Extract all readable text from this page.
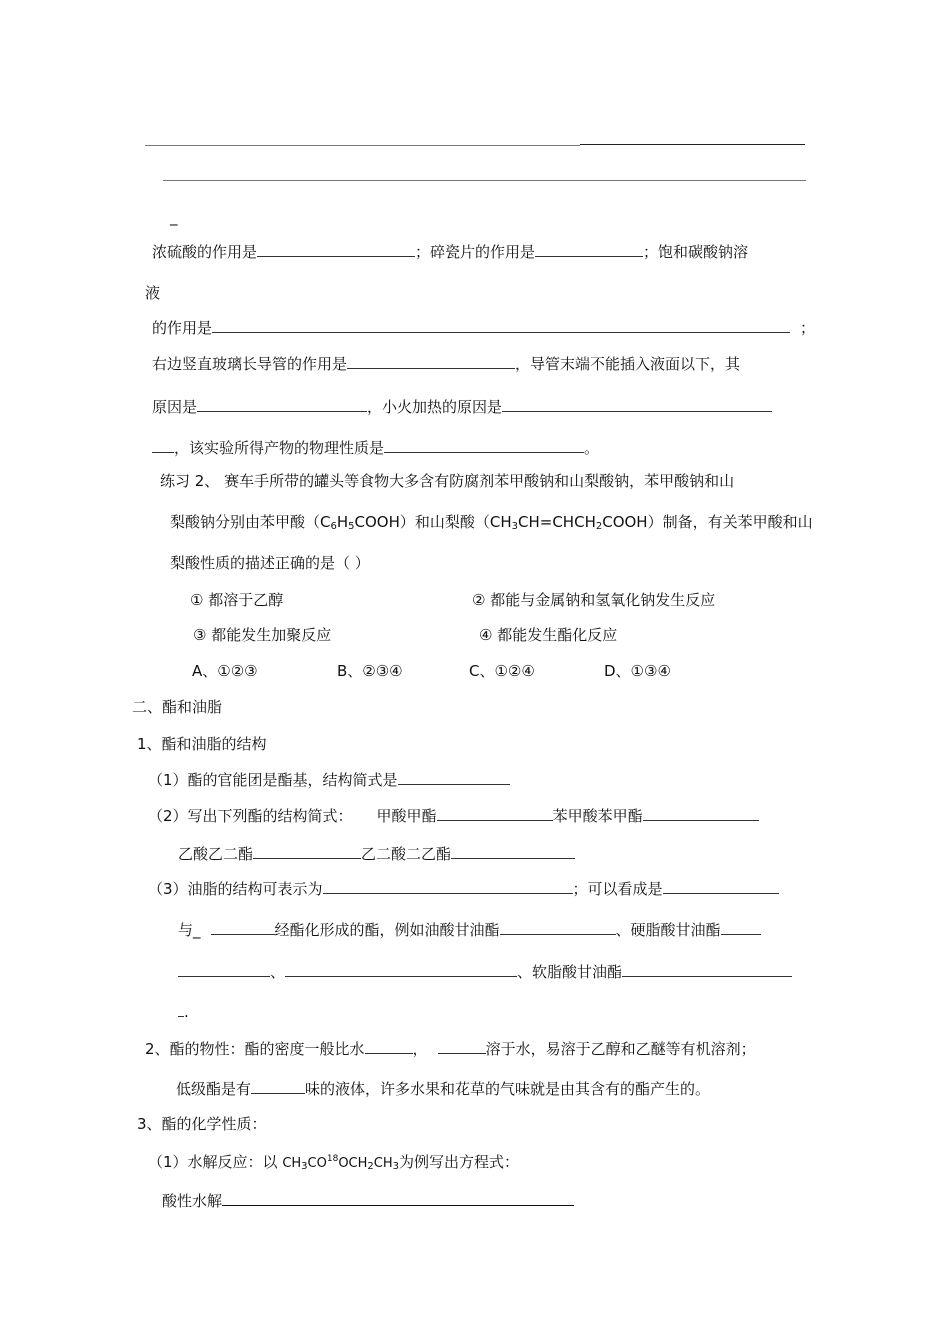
_
浓硫酸的作用是	；碎瓷片的作用是	；饱和碳酸钠溶
液
的作用是	；
右边竖直玻璃长导管的作用是	，导管末端不能插入液面以下，其
原因是	，小火加热的原因是
，该实验所得产物的物理性质是	。
练习 2、 赛车手所带的罐头等食物大多含有防腐剂苯甲酸钠和山梨酸钠，苯甲酸钠和山
梨酸钠分别由苯甲酸$(C_6H_5COOH)$和山梨酸$(CH_3CH=CHCH_2COOH)$制备，有关苯甲酸和山
梨酸性质的描述正确的是（ ）
① 都溶于乙醇	② 都能与金属钠和氢氧化钠发生反应
③ 都能发生加聚反应	④ 都能发生酯化反应
A、①②③	B、②③④	C、①②④	D、①③④
二、酯和油脂
1、酯和油脂的结构
（1）酯的官能团是酯基，结构简式是
（2）写出下列酯的结构简式： 甲酸甲酯	苯甲酸苯甲酯
乙酸乙二酯	乙二酸二乙酯
（3）油脂的结构可表示为	；可以看成是
与_	经酯化形成的酯，例如油酸甘油酯	、硬脂酸甘油酯
、	、软脂酸甘油酯
.
2、酯的物性：酯的密度一般比水	，	溶于水，易溶于乙醇和乙醚等有机溶剂；
低级酯是有	味的液体，许多水果和花草的气味就是由其含有的酯产生的。
3、酯的化学性质：
（1）水解反应：以 $CH_3CO^{18}OCH_2CH_3$为例写出方程式：
酸性水解
